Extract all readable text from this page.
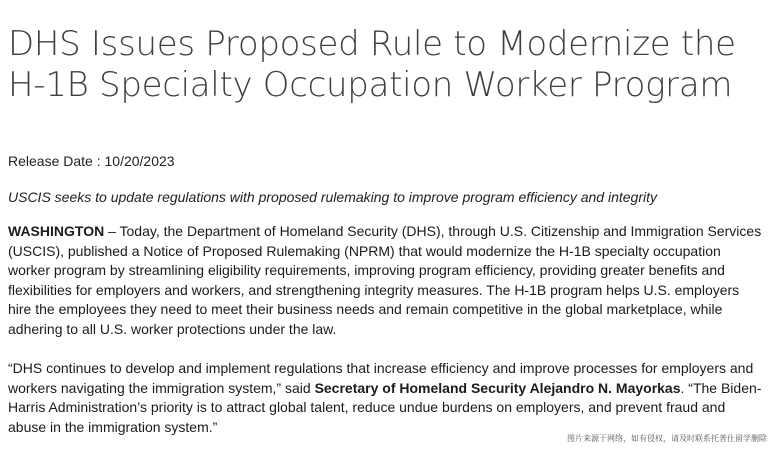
DHS Issues Proposed Rule to Modernize the H-1B Specialty Occupation Worker Program
Release Date : 10/20/2023
USCIS seeks to update regulations with proposed rulemaking to improve program efficiency and integrity

WASHINGTON – Today, the Department of Homeland Security (DHS), through U.S. Citizenship and Immigration Services (USCIS), published a Notice of Proposed Rulemaking (NPRM) that would modernize the H-1B specialty occupation worker program by streamlining eligibility requirements, improving program efficiency, providing greater benefits and flexibilities for employers and workers, and strengthening integrity measures. The H-1B program helps U.S. employers hire the employees they need to meet their business needs and remain competitive in the global marketplace, while adhering to all U.S. worker protections under the law.

“DHS continues to develop and implement regulations that increase efficiency and improve processes for employers and workers navigating the immigration system,” said Secretary of Homeland Security Alejandro N. Mayorkas. “The Biden-Harris Administration’s priority is to attract global talent, reduce undue burdens on employers, and prevent fraud and abuse in the immigration system.”

图片来源于网络，如有侵权，请及时联系托普仕留学删除
